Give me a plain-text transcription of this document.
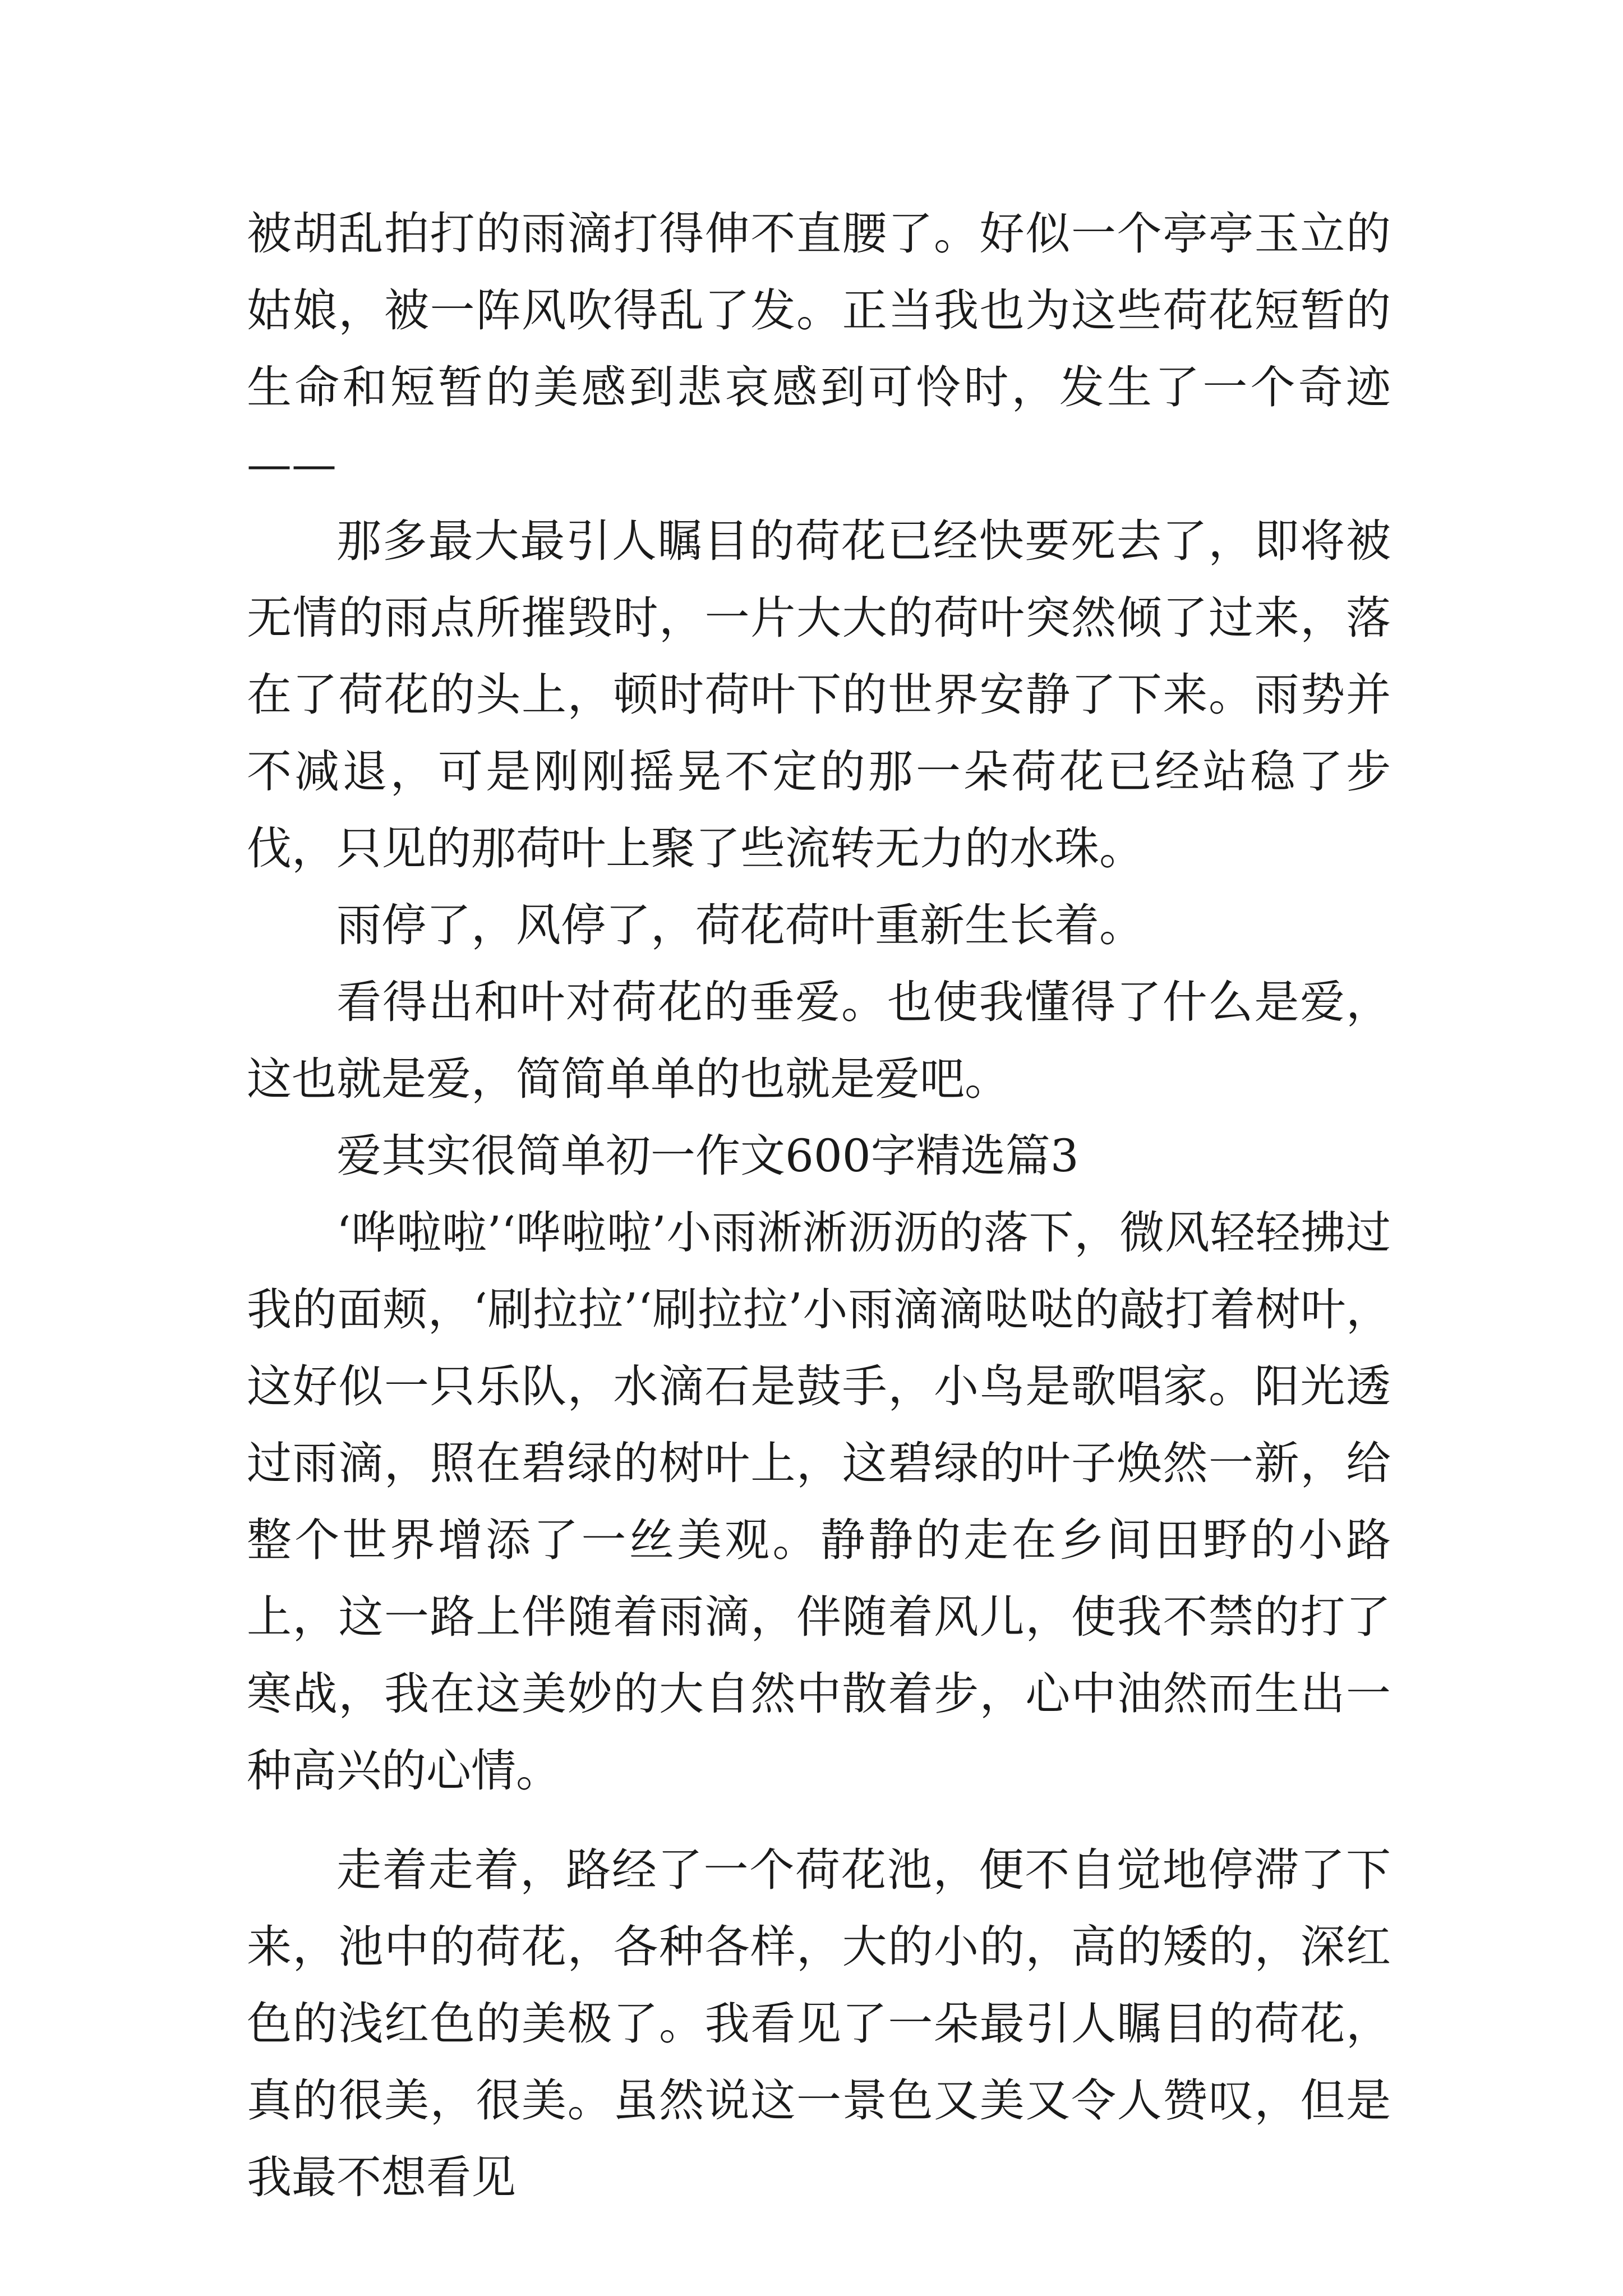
被胡乱拍打的雨滴打得伸不直腰了。好似一个亭亭玉立的姑娘，被一阵风吹得乱了发。正当我也为这些荷花短暂的生命和短暂的美感到悲哀感到可怜时，发生了一个奇迹——

那多最大最引人瞩目的荷花已经快要死去了，即将被无情的雨点所摧毁时，一片大大的荷叶突然倾了过来，落在了荷花的头上，顿时荷叶下的世界安静了下来。雨势并不减退，可是刚刚摇晃不定的那一朵荷花已经站稳了步伐，只见的那荷叶上聚了些流转无力的水珠。

雨停了，风停了，荷花荷叶重新生长着。

看得出和叶对荷花的垂爱。也使我懂得了什么是爱，这也就是爱，简简单单的也就是爱吧。

爱其实很简单初一作文600字精选篇3

‘哗啦啦’‘哗啦啦’小雨淅淅沥沥的落下，微风轻轻拂过我的面颊，‘刷拉拉’‘刷拉拉’小雨滴滴哒哒的敲打着树叶，这好似一只乐队，水滴石是鼓手，小鸟是歌唱家。阳光透过雨滴，照在碧绿的树叶上，这碧绿的叶子焕然一新，给整个世界增添了一丝美观。静静的走在乡间田野的小路上，这一路上伴随着雨滴，伴随着风儿，使我不禁的打了寒战，我在这美妙的大自然中散着步，心中油然而生出一种高兴的心情。

走着走着，路经了一个荷花池，便不自觉地停滞了下来，池中的荷花，各种各样，大的小的，高的矮的，深红色的浅红色的美极了。我看见了一朵最引人瞩目的荷花，真的很美，很美。虽然说这一景色又美又令人赞叹，但是我最不想看见
